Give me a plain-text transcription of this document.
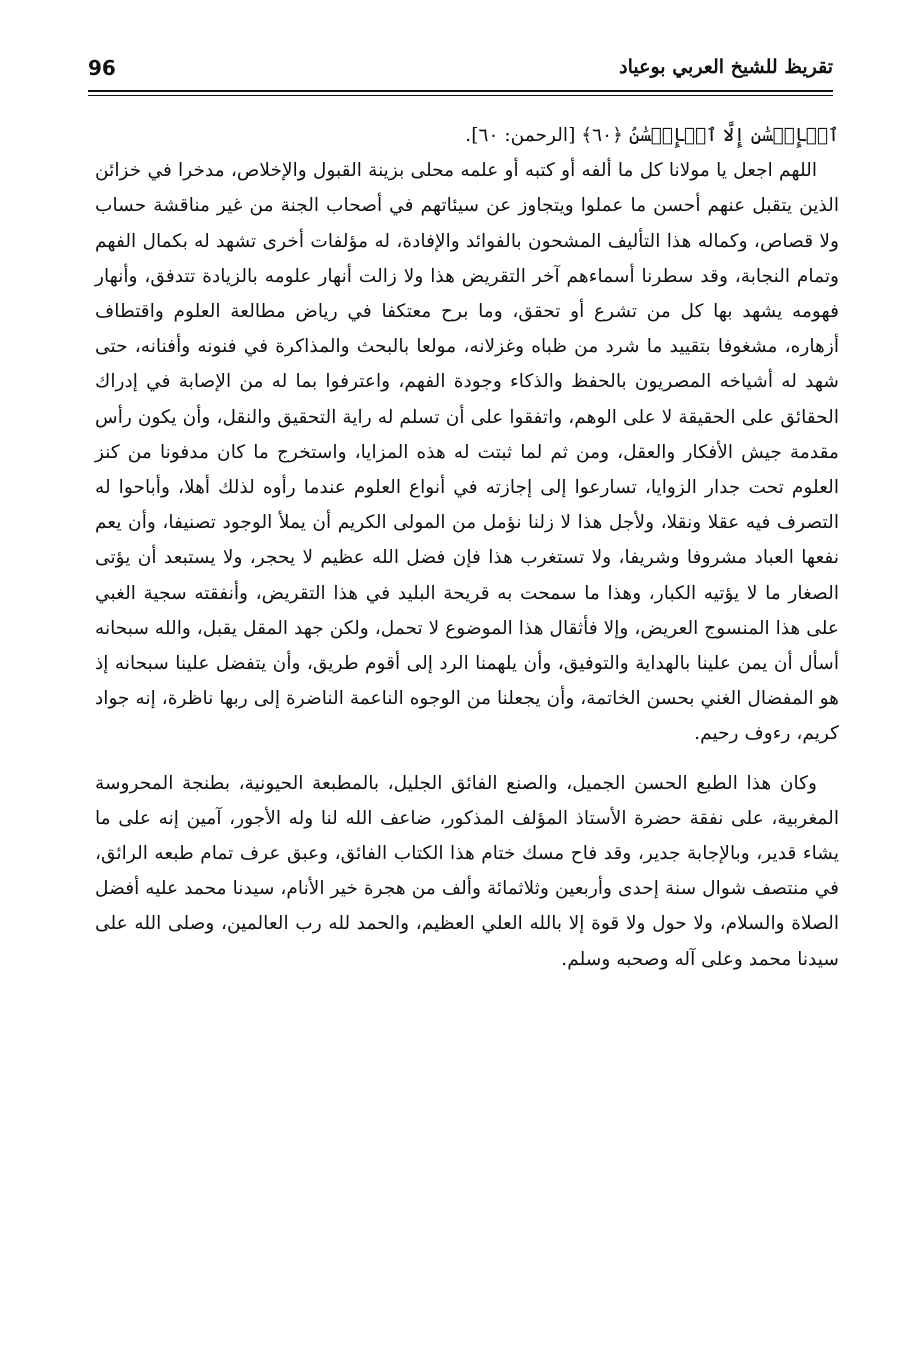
96	تقريظ للشيخ العربي بوعياد

ٱلۡإِحۡسَٰنِ إِلَّا ٱلۡإِحۡسَٰنُ ﴿٦٠﴾ [الرحمن: ٦٠].

اللهم اجعل يا مولانا كل ما ألفه أو كتبه أو علمه محلى بزينة القبول والإخلاص، مدخرا في خزائن الذين يتقبل عنهم أحسن ما عملوا ويتجاوز عن سيئاتهم في أصحاب الجنة من غير مناقشة حساب ولا قصاص، وكماله هذا التأليف المشحون بالفوائد والإفادة، له مؤلفات أخرى تشهد له بكمال الفهم وتمام النجابة، وقد سطرنا أسماءهم آخر التقريض هذا ولا زالت أنهار علومه بالزيادة تتدفق، وأنهار فهومه يشهد بها كل من تشرع أو تحقق، وما برح معتكفا في رياض مطالعة العلوم واقتطاف أزهاره، مشغوفا بتقييد ما شرد من ظباه وغزلانه، مولعا بالبحث والمذاكرة في فنونه وأفنانه، حتى شهد له أشياخه المصريون بالحفظ والذكاء وجودة الفهم، واعترفوا بما له من الإصابة في إدراك الحقائق على الحقيقة لا على الوهم، واتفقوا على أن تسلم له راية التحقيق والنقل، وأن يكون رأس مقدمة جيش الأفكار والعقل، ومن ثم لما ثبتت له هذه المزايا، واستخرج ما كان مدفونا من كنز العلوم تحت جدار الزوايا، تسارعوا إلى إجازته في أنواع العلوم عندما رأوه لذلك أهلا، وأباحوا له التصرف فيه عقلا ونقلا، ولأجل هذا لا زلنا نؤمل من المولى الكريم أن يملأ الوجود تصنيفا، وأن يعم نفعها العباد مشروفا وشريفا، ولا تستغرب هذا فإن فضل الله عظيم لا يحجر، ولا يستبعد أن يؤتى الصغار ما لا يؤتيه الكبار، وهذا ما سمحت به قريحة البليد في هذا التقريض، وأنفقته سجية الغبي على هذا المنسوج العريض، وإلا فأثقال هذا الموضوع لا تحمل، ولكن جهد المقل يقبل، والله سبحانه أسأل أن يمن علينا بالهداية والتوفيق، وأن يلهمنا الرد إلى أقوم طريق، وأن يتفضل علينا سبحانه إذ هو المفضال الغني بحسن الخاتمة، وأن يجعلنا من الوجوه الناعمة الناضرة إلى ربها ناظرة، إنه جواد كريم، رءوف رحيم.

وكان هذا الطبع الحسن الجميل، والصنع الفائق الجليل، بالمطبعة الحيونية، بطنجة المحروسة المغربية، على نفقة حضرة الأستاذ المؤلف المذكور، ضاعف الله لنا وله الأجور، آمين إنه على ما يشاء قدير، وبالإجابة جدير، وقد فاح مسك ختام هذا الكتاب الفائق، وعبق عرف تمام طبعه الرائق، في منتصف شوال سنة إحدى وأربعين وثلاثمائة وألف من هجرة خير الأنام، سيدنا محمد عليه أفضل الصلاة والسلام، ولا حول ولا قوة إلا بالله العلي العظيم، والحمد لله رب العالمين، وصلى الله على سيدنا محمد وعلى آله وصحبه وسلم.
